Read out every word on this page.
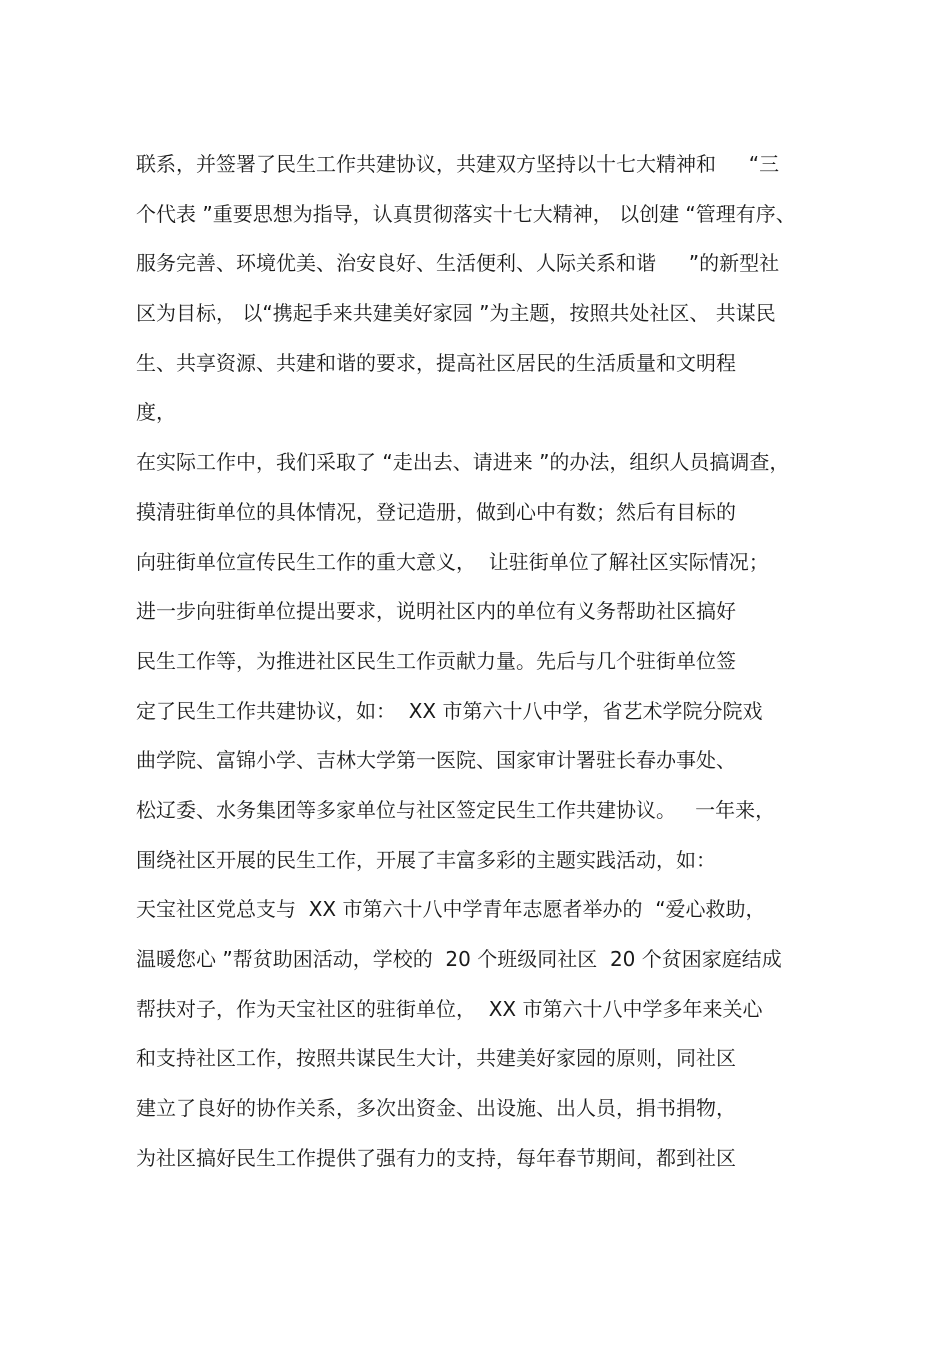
联系，并签署了民生工作共建协议，共建双方坚持以十七大精神和　  “三
个代表 ”重要思想为指导，认真贯彻落实十七大精神， 以创建 “管理有序、
服务完善、环境优美、治安良好、生活便利、人际关系和谐　  ”的新型社
区为目标， 以“携起手来共建美好家园 ”为主题，按照共处社区、 共谋民
生、共享资源、共建和谐的要求，提高社区居民的生活质量和文明程
度，
在实际工作中，我们采取了 “走出去、请进来 ”的办法，组织人员搞调查，
摸清驻街单位的具体情况，登记造册，做到心中有数；然后有目标的
向驻街单位宣传民生工作的重大意义，  让驻街单位了解社区实际情况；
进一步向驻街单位提出要求，说明社区内的单位有义务帮助社区搞好
民生工作等，为推进社区民生工作贡献力量。先后与几个驻街单位签
定了民生工作共建协议，如：  XX 市第六十八中学，省艺术学院分院戏
曲学院、富锦小学、吉林大学第一医院、国家审计署驻长春办事处、
松辽委、水务集团等多家单位与社区签定民生工作共建协议。   一年来，
围绕社区开展的民生工作，开展了丰富多彩的主题实践活动，如：
天宝社区党总支与  XX 市第六十八中学青年志愿者举办的  “爱心救助，
温暖您心 ”帮贫助困活动，学校的  20 个班级同社区  20 个贫困家庭结成
帮扶对子，作为天宝社区的驻街单位，  XX 市第六十八中学多年来关心
和支持社区工作，按照共谋民生大计，共建美好家园的原则，同社区
建立了良好的协作关系，多次出资金、出设施、出人员，捐书捐物，
为社区搞好民生工作提供了强有力的支持，每年春节期间，都到社区
